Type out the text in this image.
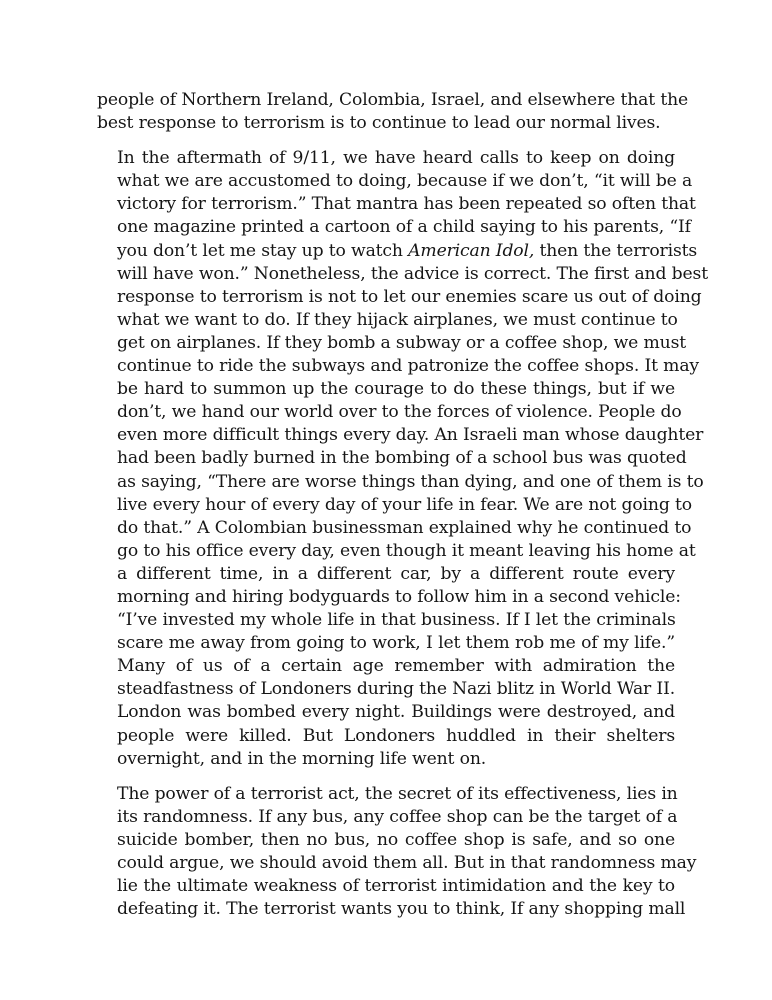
people of Northern Ireland, Colombia, Israel, and elsewhere that the
best response to terrorism is to continue to lead our normal lives.
In the aftermath of 9/11, we have heard calls to keep on doing
what we are accustomed to doing, because if we don’t, “it will be a
victory for terrorism.” That mantra has been repeated so often that
one magazine printed a cartoon of a child saying to his parents, “If
you don’t let me stay up to watch American Idol, then the terrorists
will have won.” Nonetheless, the advice is correct. The first and best
response to terrorism is not to let our enemies scare us out of doing
what we want to do. If they hijack airplanes, we must continue to
get on airplanes. If they bomb a subway or a coffee shop, we must
continue to ride the subways and patronize the coffee shops. It may
be hard to summon up the courage to do these things, but if we
don’t, we hand our world over to the forces of violence. People do
even more difficult things every day. An Israeli man whose daughter
had been badly burned in the bombing of a school bus was quoted
as saying, “There are worse things than dying, and one of them is to
live every hour of every day of your life in fear. We are not going to
do that.” A Colombian businessman explained why he continued to
go to his office every day, even though it meant leaving his home at
a different time, in a different car, by a different route every
morning and hiring bodyguards to follow him in a second vehicle:
“I’ve invested my whole life in that business. If I let the criminals
scare me away from going to work, I let them rob me of my life.”
Many of us of a certain age remember with admiration the
steadfastness of Londoners during the Nazi blitz in World War II.
London was bombed every night. Buildings were destroyed, and
people were killed. But Londoners huddled in their shelters
overnight, and in the morning life went on.
The power of a terrorist act, the secret of its effectiveness, lies in
its randomness. If any bus, any coffee shop can be the target of a
suicide bomber, then no bus, no coffee shop is safe, and so one
could argue, we should avoid them all. But in that randomness may
lie the ultimate weakness of terrorist intimidation and the key to
defeating it. The terrorist wants you to think, If any shopping mall
